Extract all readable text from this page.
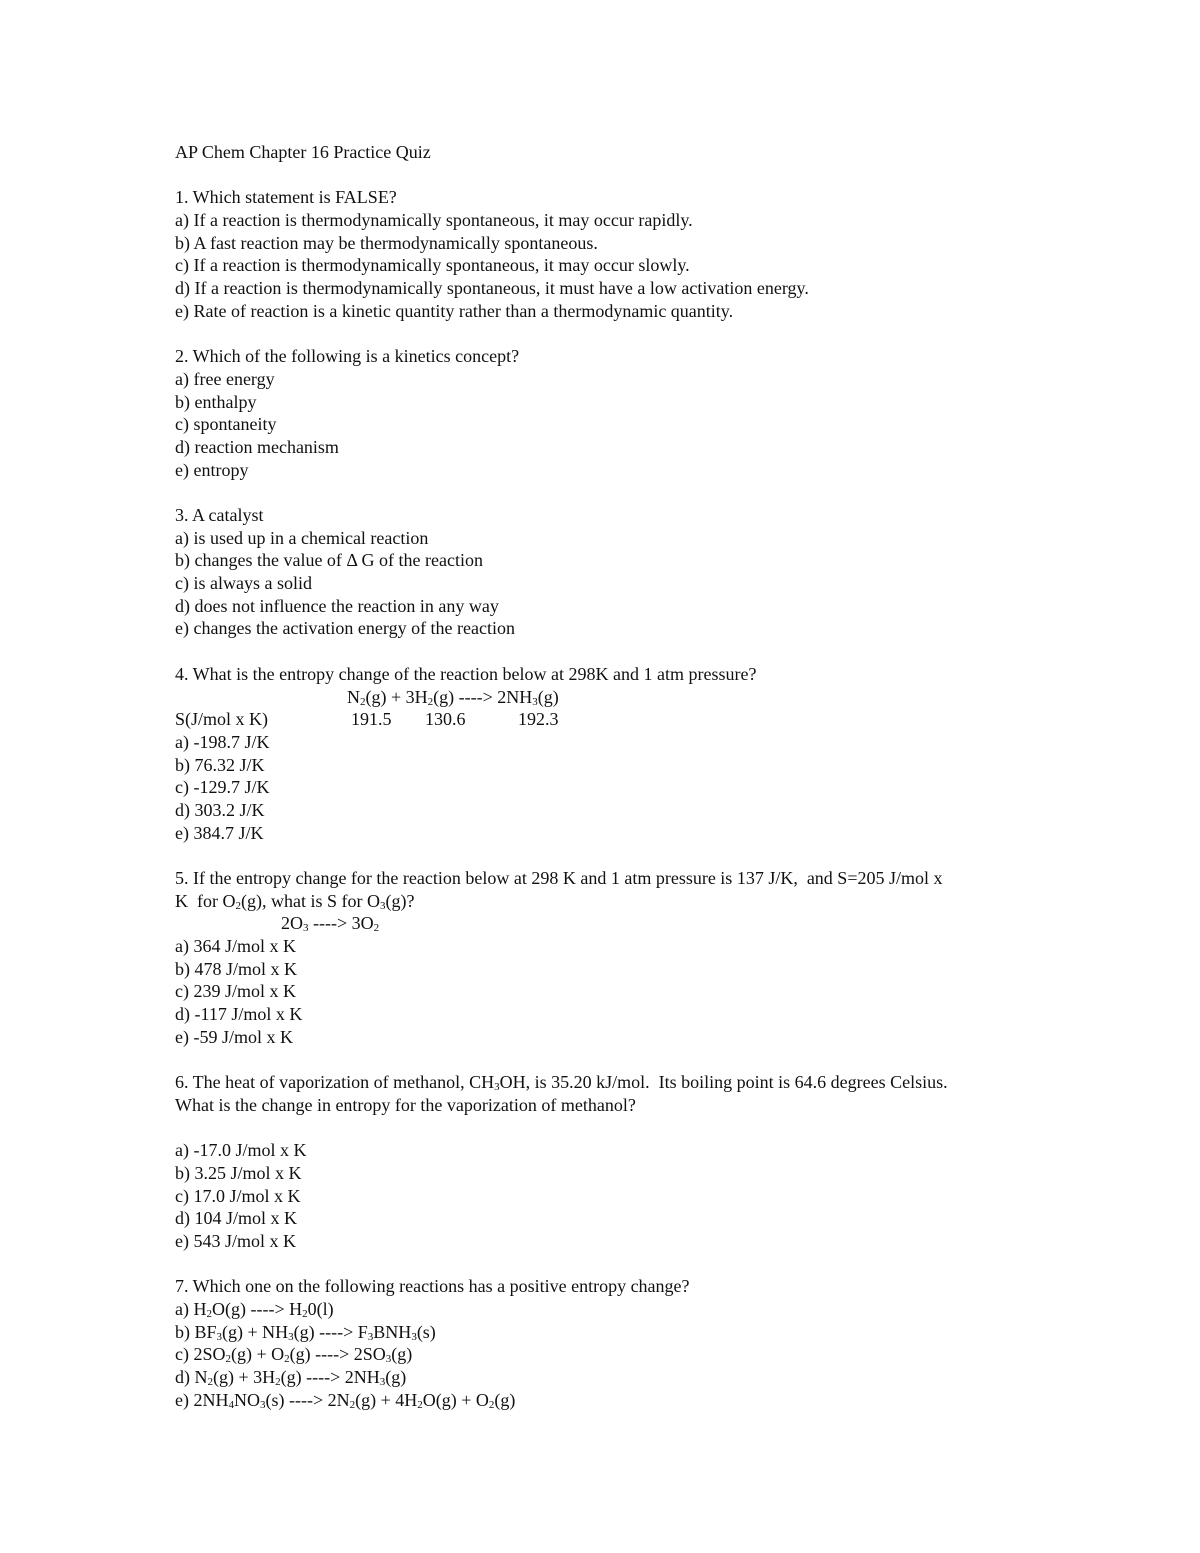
AP Chem Chapter 16 Practice Quiz
1. Which statement is FALSE?
a) If a reaction is thermodynamically spontaneous, it may occur rapidly.
b) A fast reaction may be thermodynamically spontaneous.
c) If a reaction is thermodynamically spontaneous, it may occur slowly.
d) If a reaction is thermodynamically spontaneous, it must have a low activation energy.
e) Rate of reaction is a kinetic quantity rather than a thermodynamic quantity.
2. Which of the following is a kinetics concept?
a) free energy
b) enthalpy
c) spontaneity
d) reaction mechanism
e) entropy
3. A catalyst
a) is used up in a chemical reaction
b) changes the value of Δ G of the reaction
c) is always a solid
d) does not influence the reaction in any way
e) changes the activation energy of the reaction
4. What is the entropy change of the reaction below at 298K and 1 atm pressure?
$N_2(g) + 3H_2(g)$ ----> $2NH_3(g)$
S(J/mol x K)	191.5 130.6	192.3
a) -198.7 J/K
b) 76.32 J/K
c) -129.7 J/K
d) 303.2 J/K
e) 384.7 J/K
5. If the entropy change for the reaction below at 298 K and 1 atm pressure is 137 J/K,  and S=205 J/mol x
K  for $O_2(g)$, what is S for $O_3(g)$?
$2O_3$ ----> $3O_2$
a) 364 J/mol x K
b) 478 J/mol x K
c) 239 J/mol x K
d) -117 J/mol x K
e) -59 J/mol x K
6. The heat of vaporization of methanol, $CH_3OH$, is 35.20 kJ/mol.  Its boiling point is 64.6 degrees Celsius.
What is the change in entropy for the vaporization of methanol?
a) -17.0 J/mol x K
b) 3.25 J/mol x K
c) 17.0 J/mol x K
d) 104 J/mol x K
e) 543 J/mol x K
7. Which one on the following reactions has a positive entropy change?
a) $H_2O(g)$ ----> $H_20(l)$
b) $BF_3(g) + NH_3(g)$ ----> $F_3BNH_3(s)$
c) $2SO_2(g) + O_2(g)$ ----> $2SO_3(g)$
d) $N_2(g) + 3H_2(g)$ ----> $2NH_3(g)$
e) $2NH_4NO_3(s)$ ----> $2N_2(g) + 4H_2O(g) + O_2(g)$
